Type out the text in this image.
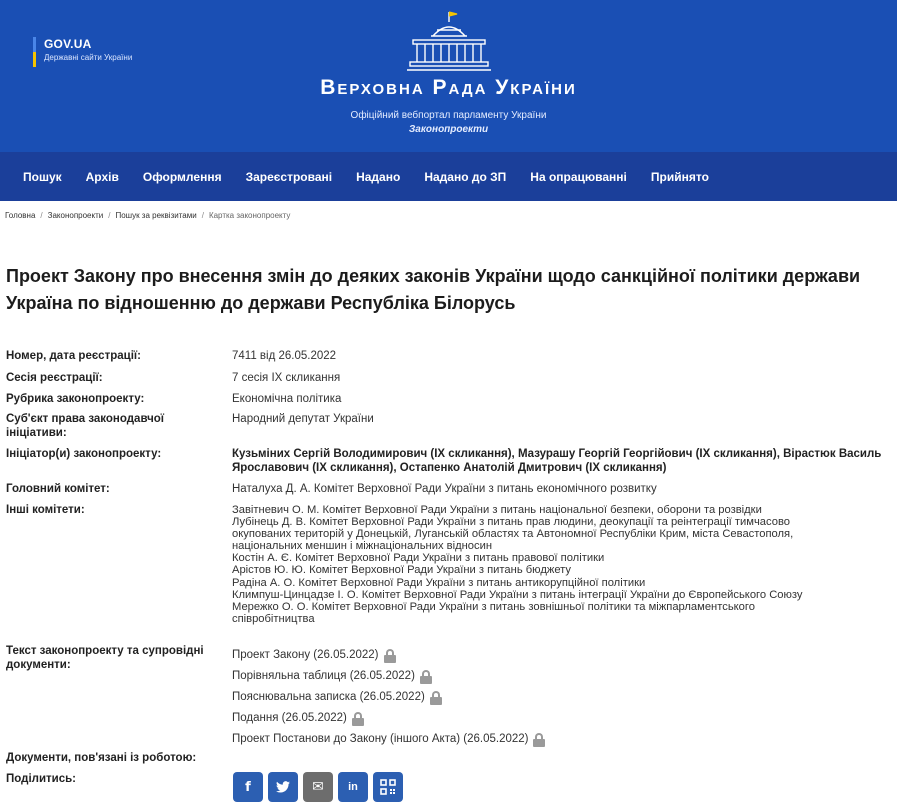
GOV.UA
Державні сайти України
Верховна Рада України
Офіційний вебпортал парламенту України
Законопроекти
Пошук Архів Оформлення Зареєстровані Надано Надано до ЗП На опрацюванні Прийнято
Головна / Законопроекти / Пошук за реквізитами / Картка законопроекту
Проект Закону про внесення змін до деяких законів України щодо санкційної політики держави Україна по відношенню до держави Республіка Білорусь
Номер, дата реєстрації:	7411 від 26.05.2022
Сесія реєстрації:	7 сесія IX скликання
Рубрика законопроекту:	Економічна політика
Суб'єкт права законодавчої ініціативи:
Народний депутат України
Ініціатор(и) законопроекту:	Кузьміних Сергій Володимирович (IX скликання), Мазурашу Георгій Георгійович (IX скликання), Вірастюк Василь Ярославович (IX скликання), Остапенко Анатолій Дмитрович (IX скликання)
Головний комітет:	Наталуха Д. А. Комітет Верховної Ради України з питань економічного розвитку
Інші комітети:	Завітневич О. М. Комітет Верховної Ради України з питань національної безпеки, оборони та розвідки
Лубінець Д. В. Комітет Верховної Ради України з питань прав людини, деокупації та реінтеграції тимчасово
окупованих територій у Донецькій, Луганській областях та Автономної Республіки Крим, міста Севастополя,
національних меншин і міжнаціональних відносин
Костін А. Є. Комітет Верховної Ради України з питань правової політики
Арістов Ю. Ю. Комітет Верховної Ради України з питань бюджету
Радіна А. О. Комітет Верховної Ради України з питань антикорупційної політики
Климпуш-Цинцадзе І. О. Комітет Верховної Ради України з питань інтеграції України до Європейського Союзу
Мережко О. О. Комітет Верховної Ради України з питань зовнішньої політики та міжпарламентського
співробітництва
Текст законопроекту та супровідні документи:
Проект Закону (26.05.2022)
Порівняльна таблиця (26.05.2022)
Пояснювальна записка (26.05.2022)
Подання (26.05.2022)
Проект Постанови до Закону (іншого Акта) (26.05.2022)
Документи, пов'язані із роботою:
Поділитись:
f	✉ in
